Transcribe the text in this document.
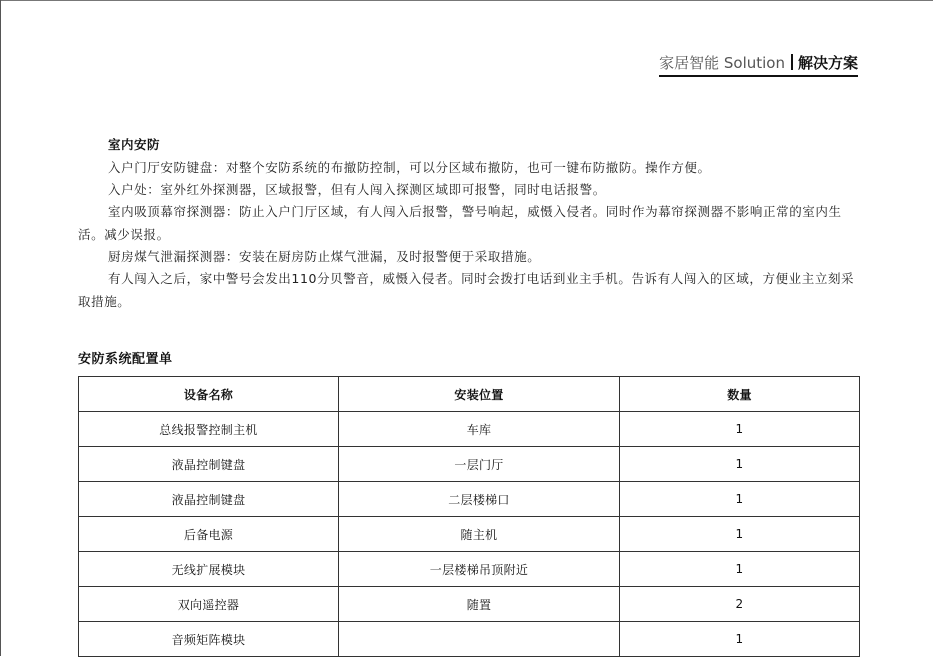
家居智能 Solution 解决方案
室内安防

入户门厅安防键盘：对整个安防系统的布撤防控制，可以分区域布撤防，也可一键布防撤防。操作方便。

入户处：室外红外探测器，区域报警，但有人闯入探测区域即可报警，同时电话报警。

室内吸顶幕帘探测器：防止入户门厅区域，有人闯入后报警，警号响起，威慑入侵者。同时作为幕帘探测器不影响正常的室内生活。减少误报。

厨房煤气泄漏探测器：安装在厨房防止煤气泄漏，及时报警便于采取措施。

有人闯入之后，家中警号会发出110分贝警音，威慑入侵者。同时会拨打电话到业主手机。告诉有人闯入的区域，方便业主立刻采取措施。

安防系统配置单
设备名称	安装位置	数量
总线报警控制主机	车库	1
液晶控制键盘	一层门厅	1
液晶控制键盘	二层楼梯口	1
后备电源	随主机	1
无线扩展模块	一层楼梯吊顶附近	1
双向遥控器	随置	2
音频矩阵模块		1
